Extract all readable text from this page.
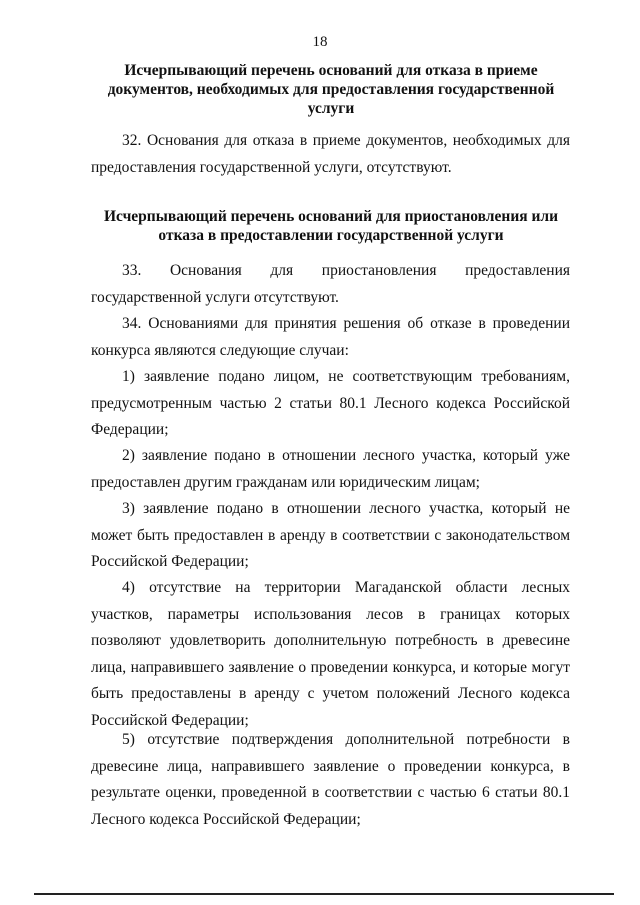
18
Исчерпывающий перечень оснований для отказа в приеме документов, необходимых для предоставления государственной услуги
32. Основания для отказа в приеме документов, необходимых для предоставления государственной услуги, отсутствуют.
Исчерпывающий перечень оснований для приостановления или отказа в предоставлении государственной услуги
33. Основания для приостановления предоставления государственной услуги отсутствуют.
34. Основаниями для принятия решения об отказе в проведении конкурса являются следующие случаи:
1) заявление подано лицом, не соответствующим требованиям, предусмотренным частью 2 статьи 80.1 Лесного кодекса Российской Федерации;
2) заявление подано в отношении лесного участка, который уже предоставлен другим гражданам или юридическим лицам;
3) заявление подано в отношении лесного участка, который не может быть предоставлен в аренду в соответствии с законодательством Российской Федерации;
4) отсутствие на территории Магаданской области лесных участков, параметры использования лесов в границах которых позволяют удовлетворить дополнительную потребность в древесине лица, направившего заявление о проведении конкурса, и которые могут быть предоставлены в аренду с учетом положений Лесного кодекса Российской Федерации;
5) отсутствие подтверждения дополнительной потребности в древесине лица, направившего заявление о проведении конкурса, в результате оценки, проведенной в соответствии с частью 6 статьи 80.1 Лесного кодекса Российской Федерации;
